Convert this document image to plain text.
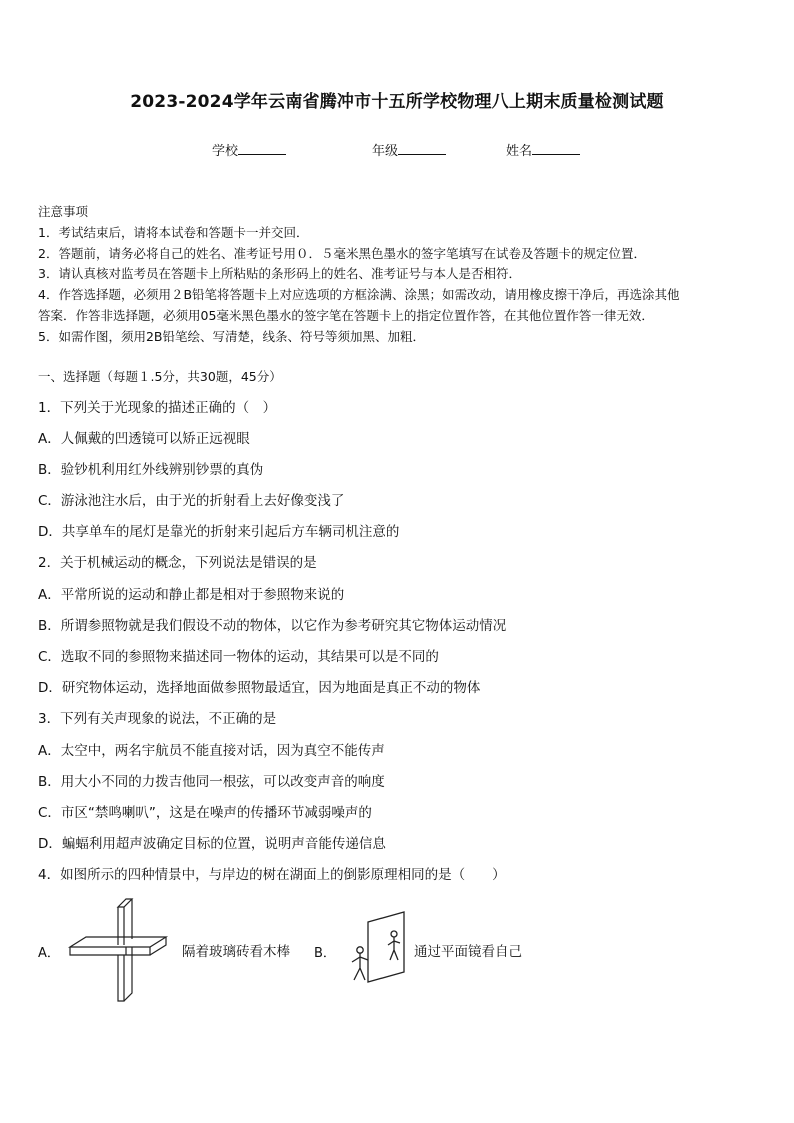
2023-2024学年云南省腾冲市十五所学校物理八上期末质量检测试题
学校	年级	姓名
注意事项
1．考试结束后，请将本试卷和答题卡一并交回．
2．答题前，请务必将自己的姓名、准考证号用０．５毫米黑色墨水的签字笔填写在试卷及答题卡的规定位置．
3．请认真核对监考员在答题卡上所粘贴的条形码上的姓名、准考证号与本人是否相符．
4．作答选择题，必须用２B铅笔将答题卡上对应选项的方框涂满、涂黑；如需改动，请用橡皮擦干净后，再选涂其他
答案．作答非选择题，必须用05毫米黑色墨水的签字笔在答题卡上的指定位置作答，在其他位置作答一律无效．
5．如需作图，须用2B铅笔绘、写清楚，线条、符号等须加黑、加粗．
一、选择题（每题１.5分，共30题，45分）
1．下列关于光现象的描述正确的（　）
A．人佩戴的凹透镜可以矫正远视眼
B．验钞机利用红外线辨别钞票的真伪
C．游泳池注水后，由于光的折射看上去好像变浅了
D．共享单车的尾灯是靠光的折射来引起后方车辆司机注意的
2．关于机械运动的概念，下列说法是错误的是
A．平常所说的运动和静止都是相对于参照物来说的
B．所谓参照物就是我们假设不动的物体，以它作为参考研究其它物体运动情况
C．选取不同的参照物来描述同一物体的运动，其结果可以是不同的
D．研究物体运动，选择地面做参照物最适宜，因为地面是真正不动的物体
3．下列有关声现象的说法，不正确的是
A．太空中，两名宇航员不能直接对话，因为真空不能传声
B．用大小不同的力拨吉他同一根弦，可以改变声音的响度
C．市区“禁鸣喇叭”，这是在噪声的传播环节减弱噪声的
D．蝙蝠利用超声波确定目标的位置，说明声音能传递信息
4．如图所示的四种情景中，与岸边的树在湖面上的倒影原理相同的是（　　）
A．	隔着玻璃砖看木棒 B．	通过平面镜看自己
